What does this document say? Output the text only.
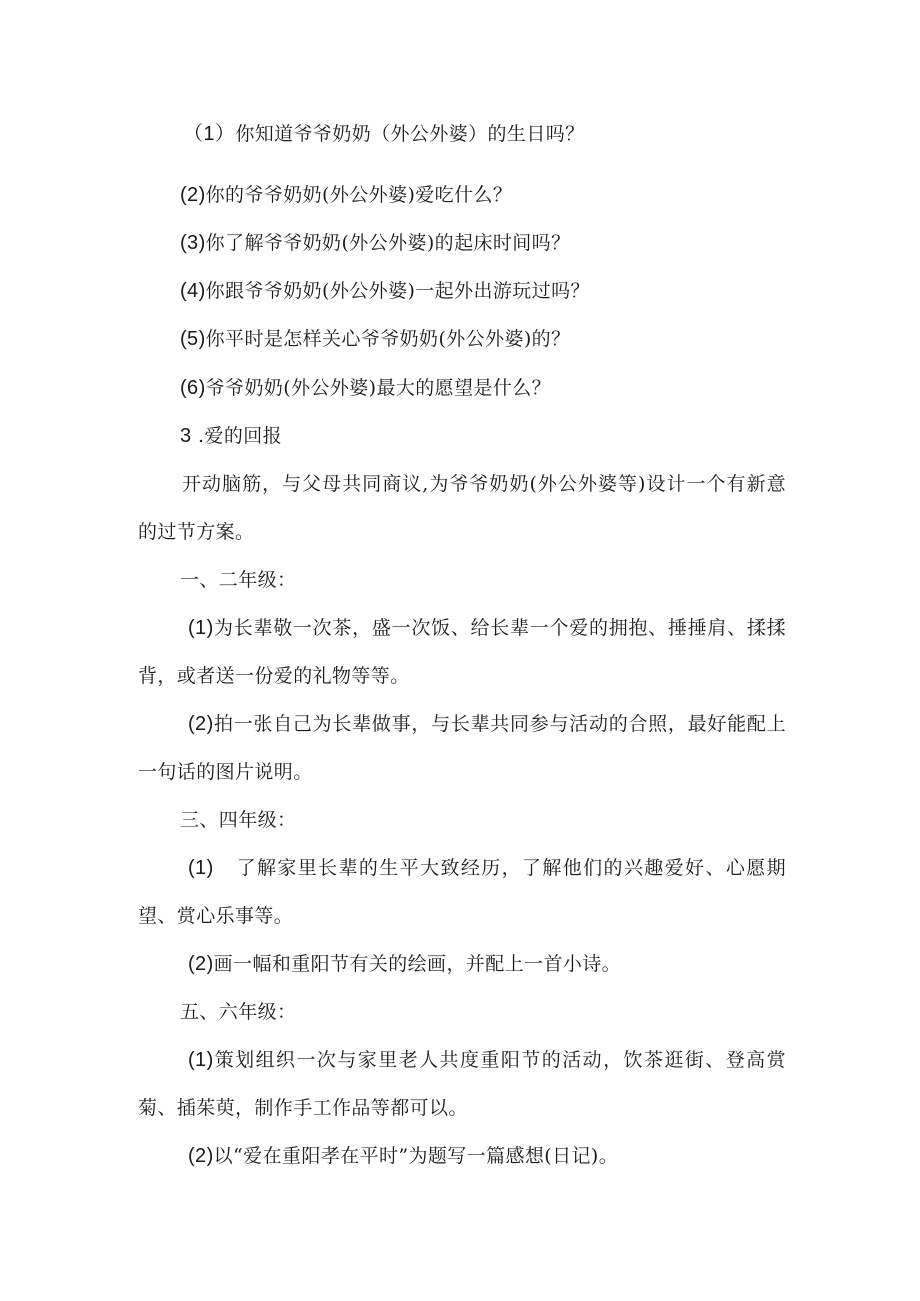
（1）你知道爷爷奶奶（外公外婆）的生日吗？
(2)你的爷爷奶奶(外公外婆)爱吃什么？
(3)你了解爷爷奶奶(外公外婆)的起床时间吗？
(4)你跟爷爷奶奶(外公外婆)一起外出游玩过吗？
(5)你平时是怎样关心爷爷奶奶(外公外婆)的？
(6)爷爷奶奶(外公外婆)最大的愿望是什么？
3 .爱的回报
开动脑筋，与父母共同商议,为爷爷奶奶(外公外婆等)设计一个有新意的过节方案。
一、二年级：
(1)为长辈敬一次茶，盛一次饭、给长辈一个爱的拥抱、捶捶肩、揉揉背，或者送一份爱的礼物等等。
(2)拍一张自己为长辈做事，与长辈共同参与活动的合照，最好能配上一句话的图片说明。
三、四年级：
(1) 了解家里长辈的生平大致经历，了解他们的兴趣爱好、心愿期望、赏心乐事等。
(2)画一幅和重阳节有关的绘画，并配上一首小诗。
五、六年级：
(1)策划组织一次与家里老人共度重阳节的活动，饮茶逛街、登高赏菊、插茱萸，制作手工作品等都可以。
(2)以“爱在重阳孝在平时”为题写一篇感想(日记)。
